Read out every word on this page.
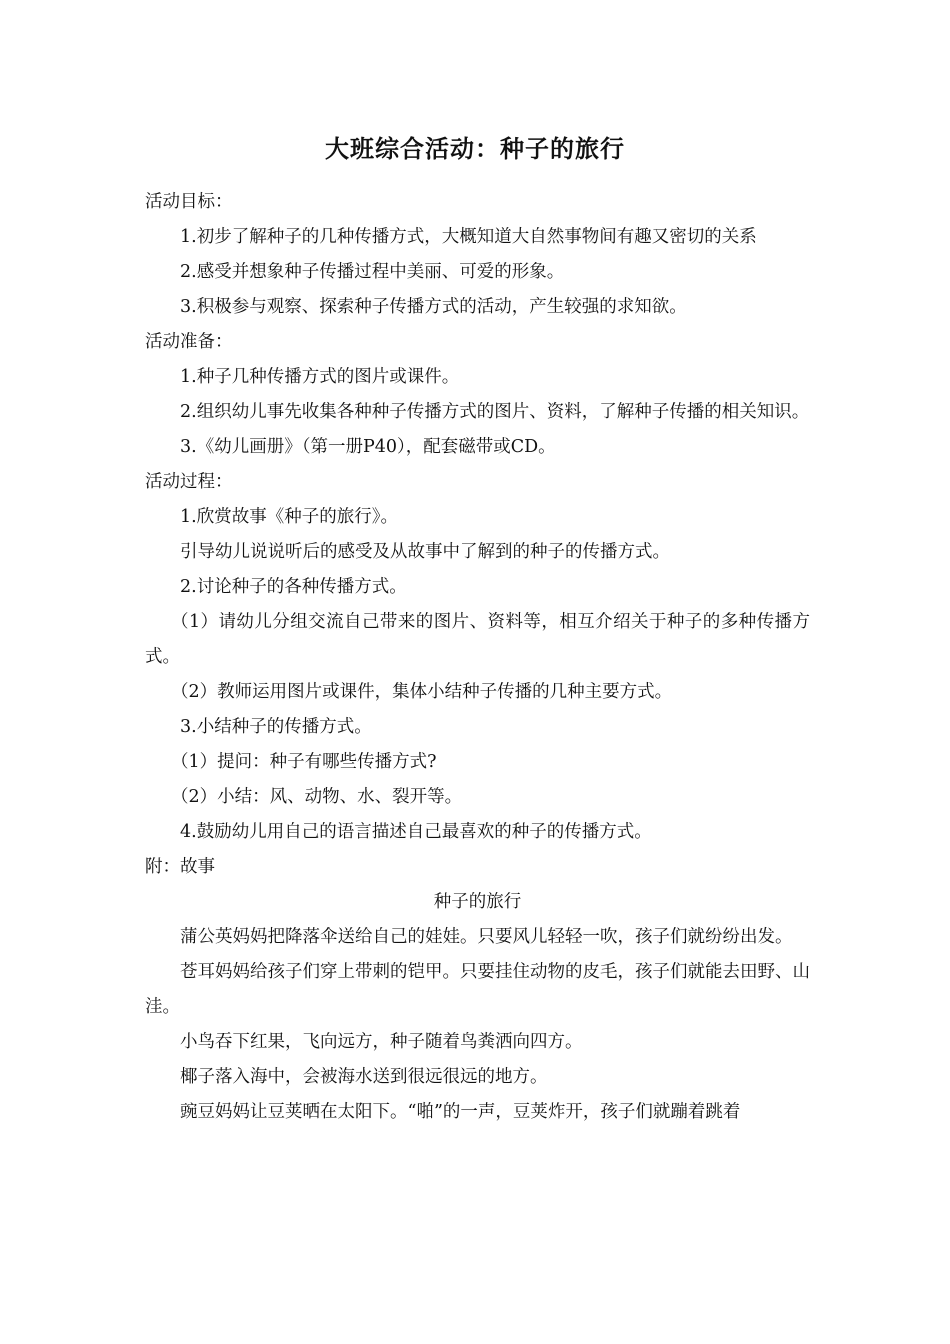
大班综合活动：种子的旅行
活动目标：
1.初步了解种子的几种传播方式，大概知道大自然事物间有趣又密切的关系
2.感受并想象种子传播过程中美丽、可爱的形象。
3.积极参与观察、探索种子传播方式的活动，产生较强的求知欲。
活动准备：
1.种子几种传播方式的图片或课件。
2.组织幼儿事先收集各种种子传播方式的图片、资料，了解种子传播的相关知识。
3.《幼儿画册》（第一册P40），配套磁带或CD。
活动过程：
1.欣赏故事《种子的旅行》。
引导幼儿说说听后的感受及从故事中了解到的种子的传播方式。
2.讨论种子的各种传播方式。
（1）请幼儿分组交流自己带来的图片、资料等，相互介绍关于种子的多种传播方式。
（2）教师运用图片或课件，集体小结种子传播的几种主要方式。
3.小结种子的传播方式。
（1）提问：种子有哪些传播方式?
（2）小结：风、动物、水、裂开等。
4.鼓励幼儿用自己的语言描述自己最喜欢的种子的传播方式。
附：故事
种子的旅行
蒲公英妈妈把降落伞送给自己的娃娃。只要风儿轻轻一吹，孩子们就纷纷出发。
苍耳妈妈给孩子们穿上带刺的铠甲。只要挂住动物的皮毛，孩子们就能去田野、山洼。
小鸟吞下红果，飞向远方，种子随着鸟粪洒向四方。
椰子落入海中，会被海水送到很远很远的地方。
豌豆妈妈让豆荚晒在太阳下。“啪”的一声，豆荚炸开，孩子们就蹦着跳着
